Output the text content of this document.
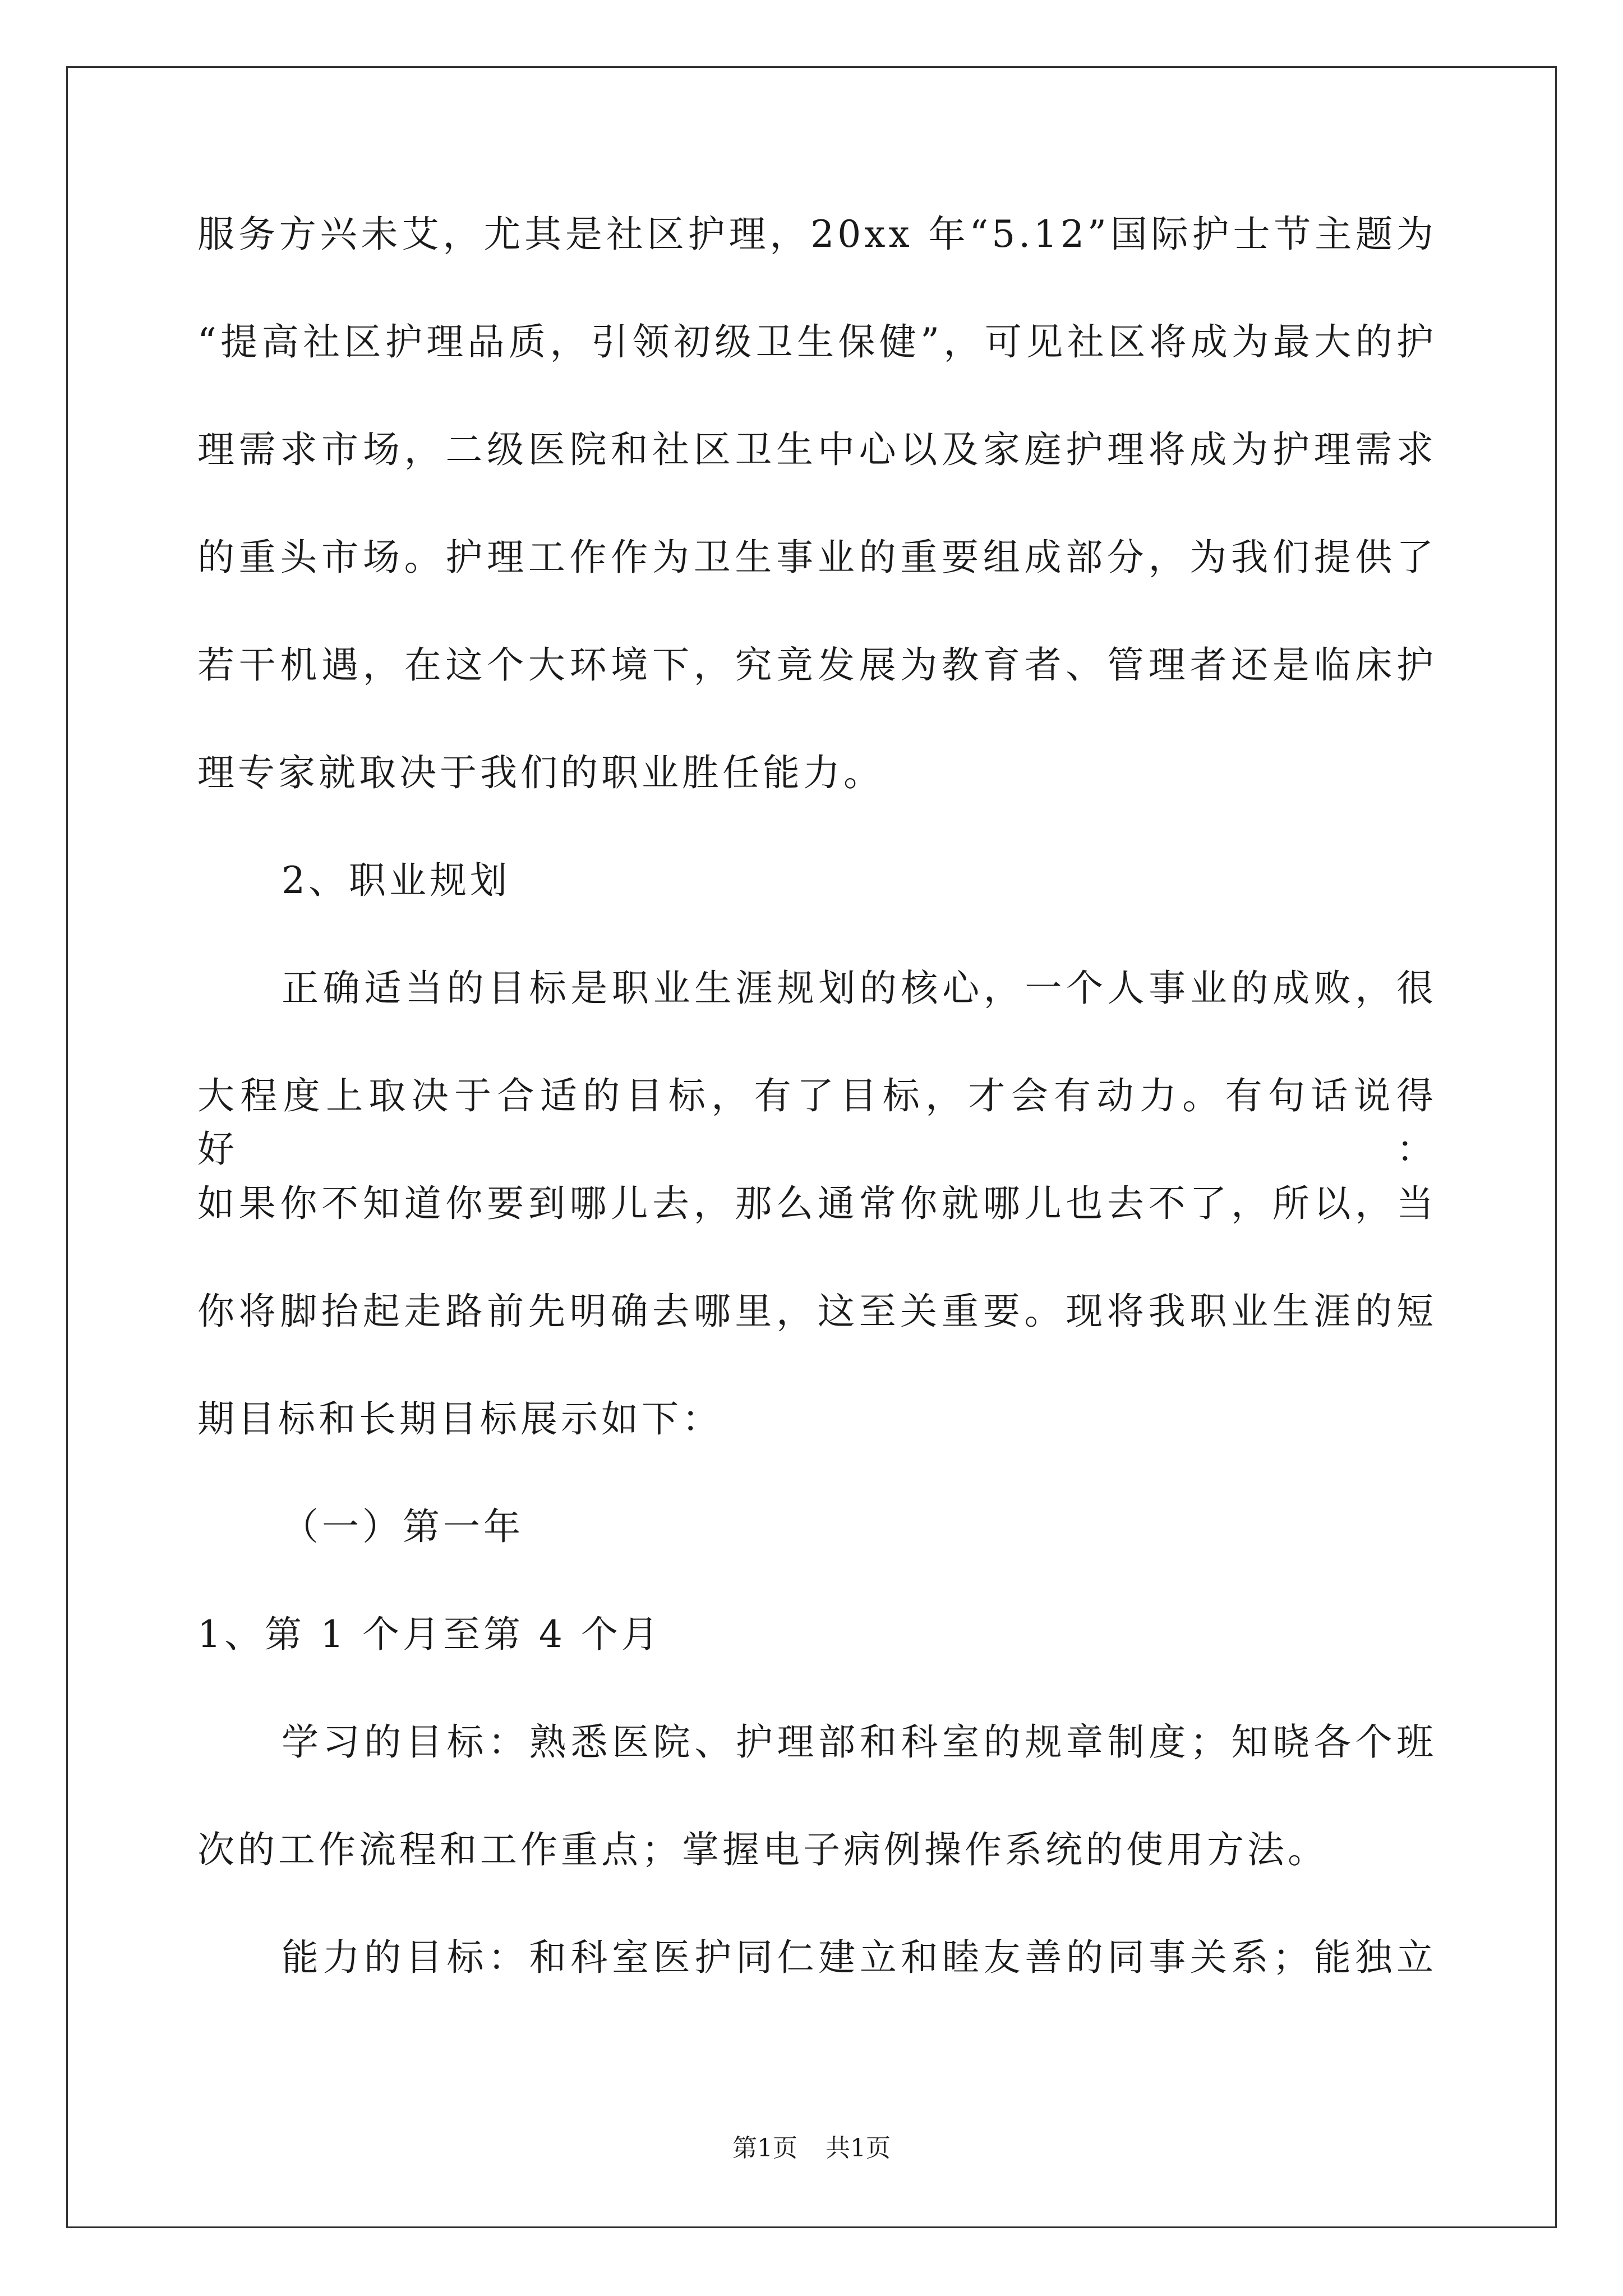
服务方兴未艾，尤其是社区护理，20xx 年“5.12”国际护士节主题为
“提高社区护理品质，引领初级卫生保健”，可见社区将成为最大的护
理需求市场，二级医院和社区卫生中心以及家庭护理将成为护理需求
的重头市场。护理工作作为卫生事业的重要组成部分，为我们提供了
若干机遇，在这个大环境下，究竟发展为教育者、管理者还是临床护
理专家就取决于我们的职业胜任能力。
2、职业规划
正确适当的目标是职业生涯规划的核心，一个人事业的成败，很
大程度上取决于合适的目标，有了目标，才会有动力。有句话说得好：
如果你不知道你要到哪儿去，那么通常你就哪儿也去不了，所以，当
你将脚抬起走路前先明确去哪里，这至关重要。现将我职业生涯的短
期目标和长期目标展示如下：
（一）第一年
1、第 1 个月至第 4 个月
学习的目标：熟悉医院、护理部和科室的规章制度；知晓各个班
次的工作流程和工作重点；掌握电子病例操作系统的使用方法。
能力的目标：和科室医护同仁建立和睦友善的同事关系；能独立
第1页 共1页
